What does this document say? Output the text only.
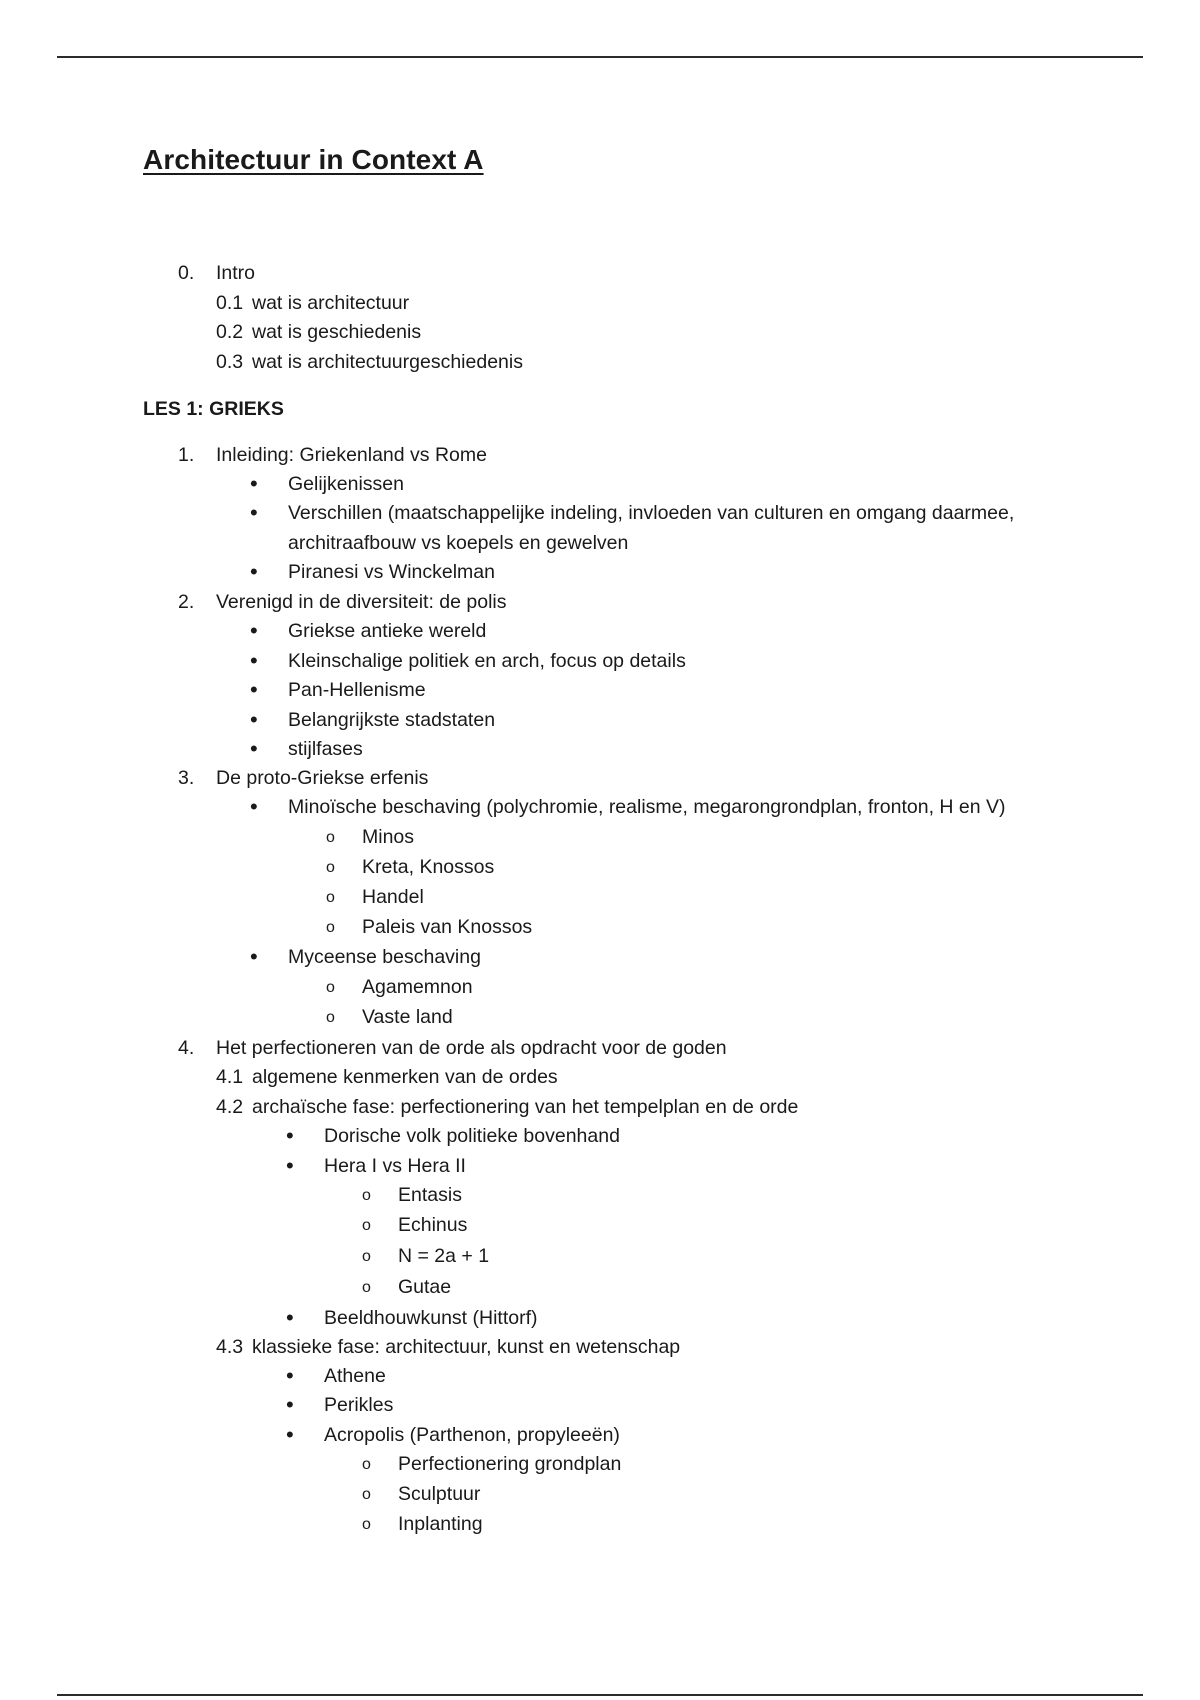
Architectuur in Context A
0. Intro
0.1 wat is architectuur
0.2 wat is geschiedenis
0.3 wat is architectuurgeschiedenis
LES 1: GRIEKS
1. Inleiding: Griekenland vs Rome
• Gelijkenissen
• Verschillen (maatschappelijke indeling, invloeden van culturen en omgang daarmee,
architraafbouw vs koepels en gewelven
• Piranesi vs Winckelman
2. Verenigd in de diversiteit: de polis
• Griekse antieke wereld
• Kleinschalige politiek en arch, focus op details
• Pan-Hellenisme
• Belangrijkste stadstaten
• stijlfases
3. De proto-Griekse erfenis
• Minoïsche beschaving (polychromie, realisme, megarongrondplan, fronton, H en V)
o Minos
o Kreta, Knossos
o Handel
o Paleis van Knossos
• Myceense beschaving
o Agamemnon
o Vaste land
4. Het perfectioneren van de orde als opdracht voor de goden
4.1 algemene kenmerken van de ordes
4.2 archaïsche fase: perfectionering van het tempelplan en de orde
• Dorische volk politieke bovenhand
• Hera I vs Hera II
o Entasis
o Echinus
o N = 2a + 1
o Gutae
• Beeldhouwkunst (Hittorf)
4.3 klassieke fase: architectuur, kunst en wetenschap
• Athene
• Perikles
• Acropolis (Parthenon, propyleeën)
o Perfectionering grondplan
o Sculptuur
o Inplanting
